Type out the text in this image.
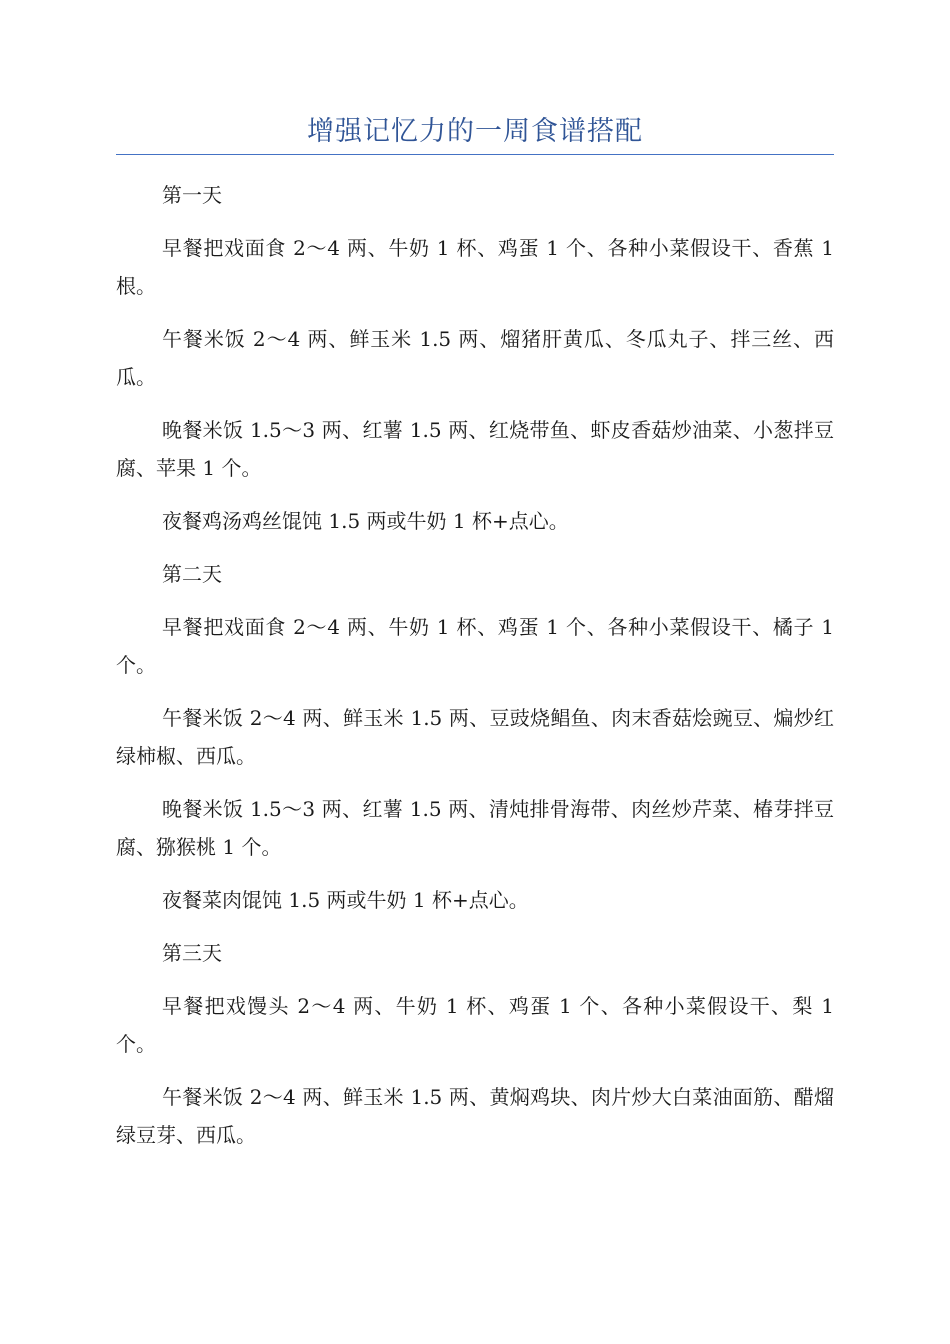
增强记忆力的一周食谱搭配

第一天

早餐把戏面食 2～4 两、牛奶 1 杯、鸡蛋 1 个、各种小菜假设干、香蕉 1 根。

午餐米饭 2～4 两、鲜玉米 1.5 两、熘猪肝黄瓜、冬瓜丸子、拌三丝、西瓜。

晚餐米饭 1.5～3 两、红薯 1.5 两、红烧带鱼、虾皮香菇炒油菜、小葱拌豆腐、苹果 1 个。

夜餐鸡汤鸡丝馄饨 1.5 两或牛奶 1 杯+点心。

第二天

早餐把戏面食 2～4 两、牛奶 1 杯、鸡蛋 1 个、各种小菜假设干、橘子 1 个。

午餐米饭 2～4 两、鲜玉米 1.5 两、豆豉烧鲳鱼、肉末香菇烩豌豆、煸炒红绿柿椒、西瓜。

晚餐米饭 1.5～3 两、红薯 1.5 两、清炖排骨海带、肉丝炒芹菜、椿芽拌豆腐、猕猴桃 1 个。

夜餐菜肉馄饨 1.5 两或牛奶 1 杯+点心。

第三天

早餐把戏馒头 2～4 两、牛奶 1 杯、鸡蛋 1 个、各种小菜假设干、梨 1 个。

午餐米饭 2～4 两、鲜玉米 1.5 两、黄焖鸡块、肉片炒大白菜油面筋、醋熘绿豆芽、西瓜。
